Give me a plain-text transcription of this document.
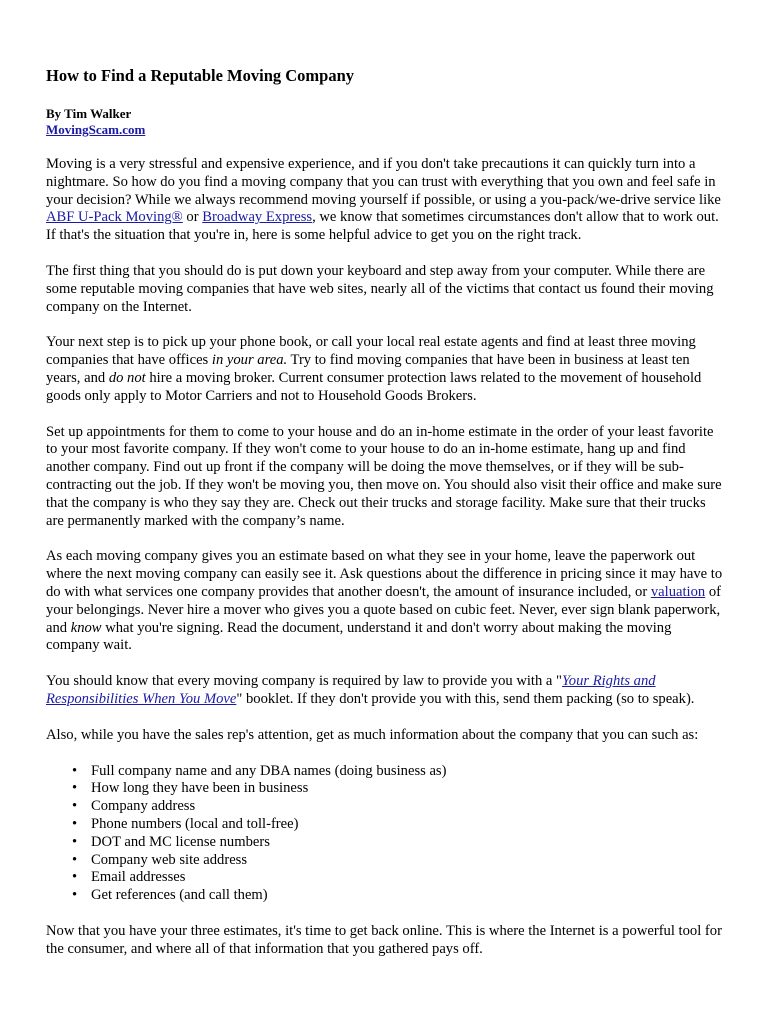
How to Find a Reputable Moving Company
By Tim Walker
MovingScam.com

Moving is a very stressful and expensive experience, and if you don't take precautions it can quickly turn into a nightmare. So how do you find a moving company that you can trust with everything that you own and feel safe in your decision? While we always recommend moving yourself if possible, or using a you-pack/we-drive service like ABF U-Pack Moving® or Broadway Express, we know that sometimes circumstances don't allow that to work out. If that's the situation that you're in, here is some helpful advice to get you on the right track.

The first thing that you should do is put down your keyboard and step away from your computer. While there are some reputable moving companies that have web sites, nearly all of the victims that contact us found their moving company on the Internet.

Your next step is to pick up your phone book, or call your local real estate agents and find at least three moving companies that have offices in your area. Try to find moving companies that have been in business at least ten years, and do not hire a moving broker. Current consumer protection laws related to the movement of household goods only apply to Motor Carriers and not to Household Goods Brokers.

Set up appointments for them to come to your house and do an in-home estimate in the order of your least favorite to your most favorite company. If they won't come to your house to do an in-home estimate, hang up and find another company. Find out up front if the company will be doing the move themselves, or if they will be sub-contracting out the job. If they won't be moving you, then move on. You should also visit their office and make sure that the company is who they say they are. Check out their trucks and storage facility. Make sure that their trucks are permanently marked with the company’s name.

As each moving company gives you an estimate based on what they see in your home, leave the paperwork out where the next moving company can easily see it. Ask questions about the difference in pricing since it may have to do with what services one company provides that another doesn't, the amount of insurance included, or valuation of your belongings. Never hire a mover who gives you a quote based on cubic feet. Never, ever sign blank paperwork, and know what you're signing. Read the document, understand it and don't worry about making the moving company wait.

You should know that every moving company is required by law to provide you with a "Your Rights and Responsibilities When You Move" booklet. If they don't provide you with this, send them packing (so to speak).

Also, while you have the sales rep's attention, get as much information about the company that you can such as:

• Full company name and any DBA names (doing business as)
• How long they have been in business
• Company address
• Phone numbers (local and toll-free)
• DOT and MC license numbers
• Company web site address
• Email addresses
• Get references (and call them)

Now that you have your three estimates, it's time to get back online. This is where the Internet is a powerful tool for the consumer, and where all of that information that you gathered pays off.
